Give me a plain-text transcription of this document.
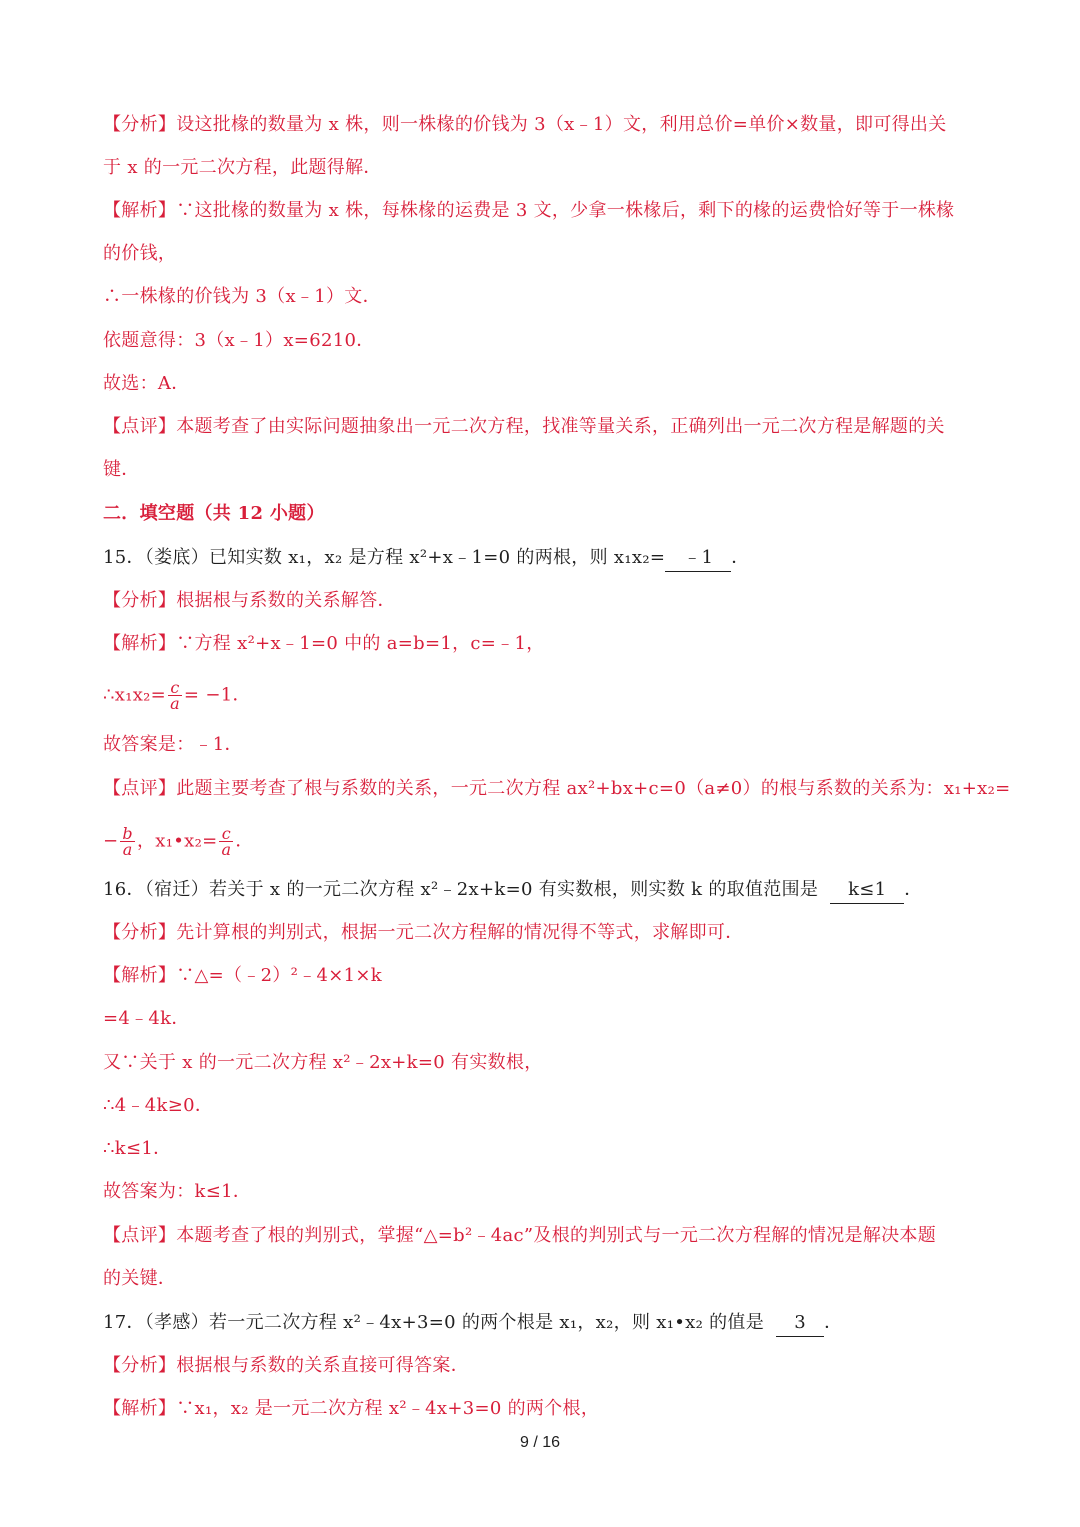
【分析】设这批椽的数量为 x 株，则一株椽的价钱为 3（x﹣1）文，利用总价=单价×数量，即可得出关
于 x 的一元二次方程，此题得解．
【解析】∵这批椽的数量为 x 株，每株椽的运费是 3 文，少拿一株椽后，剩下的椽的运费恰好等于一株椽
的价钱，
∴一株椽的价钱为 3（x﹣1）文．
依题意得：3（x﹣1）x=6210．
故选：A．
【点评】本题考查了由实际问题抽象出一元二次方程，找准等量关系，正确列出一元二次方程是解题的关
键．
二．填空题（共 12 小题）
15．（娄底）已知实数 x₁，x₂ 是方程 x²+x﹣1=0 的两根，则 x₁x₂= ﹣1 ．
【分析】根据根与系数的关系解答．
【解析】∵方程 x²+x﹣1=0 中的 a=b=1，c=﹣1，
∴x₁x₂= $\frac{c}{a} = -1$．
故答案是：﹣1．
【点评】此题主要考查了根与系数的关系，一元二次方程 ax²+bx+c=0（a≠0）的根与系数的关系为：x₁+x₂=
− $\frac{b}{a}$ ，x₁•x₂= $\frac{c}{a}$ ．
16．（宿迁）若关于 x 的一元二次方程 x²﹣2x+k=0 有实数根，则实数 k 的取值范围是 k≤1 ．
【分析】先计算根的判别式，根据一元二次方程解的情况得不等式，求解即可．
【解析】∵△=（﹣2）²﹣4×1×k
=4﹣4k．
又∵关于 x 的一元二次方程 x²﹣2x+k=0 有实数根，
∴4﹣4k≥0．
∴k≤1．
故答案为：k≤1．
【点评】本题考查了根的判别式，掌握“△=b²﹣4ac”及根的判别式与一元二次方程解的情况是解决本题
的关键．
17．（孝感）若一元二次方程 x²﹣4x+3=0 的两个根是 x₁，x₂，则 x₁•x₂ 的值是 3 ．
【分析】根据根与系数的关系直接可得答案．
【解析】∵x₁，x₂ 是一元二次方程 x²﹣4x+3=0 的两个根，
9 / 16
